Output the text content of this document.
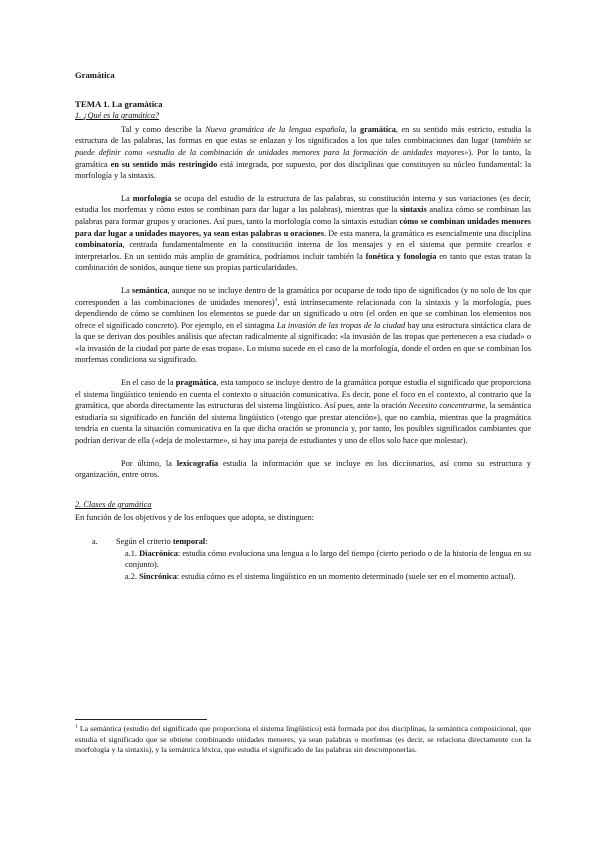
Gramática
TEMA 1. La gramática
1. ¿Qué es la gramática?

Tal y como describe la Nueva gramática de la lengua española, la gramática, en su sentido más estricto, estudia la estructura de las palabras, las formas en que estas se enlazan y los significados a los que tales combinaciones dan lugar (también se puede definir como «estudio de la combinación de unidades menores para la formación de unidades mayores»). Por lo tanto, la gramática en su sentido más restringido está integrada, por supuesto, por dos disciplinas que constituyen su núcleo fundamental: la morfología y la sintaxis.

La morfología se ocupa del estudio de la estructura de las palabras, su constitución interna y sus variaciones (es decir, estudia los morfemas y cómo estos se combinan para dar lugar a las palabras), mientras que la sintaxis analiza cómo se combinan las palabras para formar grupos y oraciones. Así pues, tanto la morfología como la sintaxis estudian cómo se combinan unidades menores para dar lugar a unidades mayores, ya sean estas palabras u oraciones. De esta manera, la gramática es esencialmente una disciplina combinatoria, centrada fundamentalmente en la constitución interna de los mensajes y en el sistema que permite crearlos e interpretarlos. En un sentido más amplio de gramática, podríamos incluir también la fonética y fonología en tanto que estas tratan la combinación de sonidos, aunque tiene sus propias particularidades.

La semántica, aunque no se incluye dentro de la gramática por ocuparse de todo tipo de significados (y no solo de los que corresponden a las combinaciones de unidades menores)$^1$, está intrínsecamente relacionada con la sintaxis y la morfología, pues dependiendo de cómo se combinen los elementos se puede dar un significado u otro (el orden en que se combinan los elementos nos ofrece el significado concreto). Por ejemplo, en el sintagma La invasión de las tropas de la ciudad hay una estructura sintáctica clara de la que se derivan dos posibles análisis que afectan radicalmente al significado: «la invasión de las tropas que pertenecen a esa ciudad» o «la invasión de la ciudad por parte de esas tropas». Lo mismo sucede en el caso de la morfología, donde el orden en que se combinan los morfemas condiciona su significado.

En el caso de la pragmática, esta tampoco se incluye dentro de la gramática porque estudia el significado que proporciona el sistema lingüístico teniendo en cuenta el contexto o situación comunicativa. Es decir, pone el foco en el contexto, al contrario que la gramática, que aborda directamente las estructuras del sistema lingüístico. Así pues, ante la oración Necesito concentrarme, la semántica estudiaría su significado en función del sistema lingüístico («tengo que prestar atención»), que no cambia, mientras que la pragmática tendría en cuenta la situación comunicativa en la que dicha oración se pronuncia y, por tanto, los posibles significados cambiantes que podrían derivar de ella («deja de molestarme», si hay una pareja de estudiantes y uno de ellos solo hace que molestar).

Por último, la lexicografía estudia la información que se incluye en los diccionarios, así como su estructura y organización, entre otros.

2. Clases de gramática

En función de los objetivos y de los enfoques que adopta, se distinguen:

a. Según el criterio temporal:

a.1. Diacrónica: estudia cómo evoluciona una lengua a lo largo del tiempo (cierto periodo o de la historia de lengua en su conjunto).

a.2. Sincrónica: estudia cómo es el sistema lingüístico en un momento determinado (suele ser en el momento actual).

$^1$ La semántica (estudio del significado que proporciona el sistema lingüístico) está formada por dos disciplinas, la semántica composicional, que estudia el significado que se obtiene combinando unidades menores, ya sean palabras o morfemas (es decir, se relaciona directamente con la morfología y la sintaxis), y la semántica léxica, que estudia el significado de las palabras sin descomponerlas.
